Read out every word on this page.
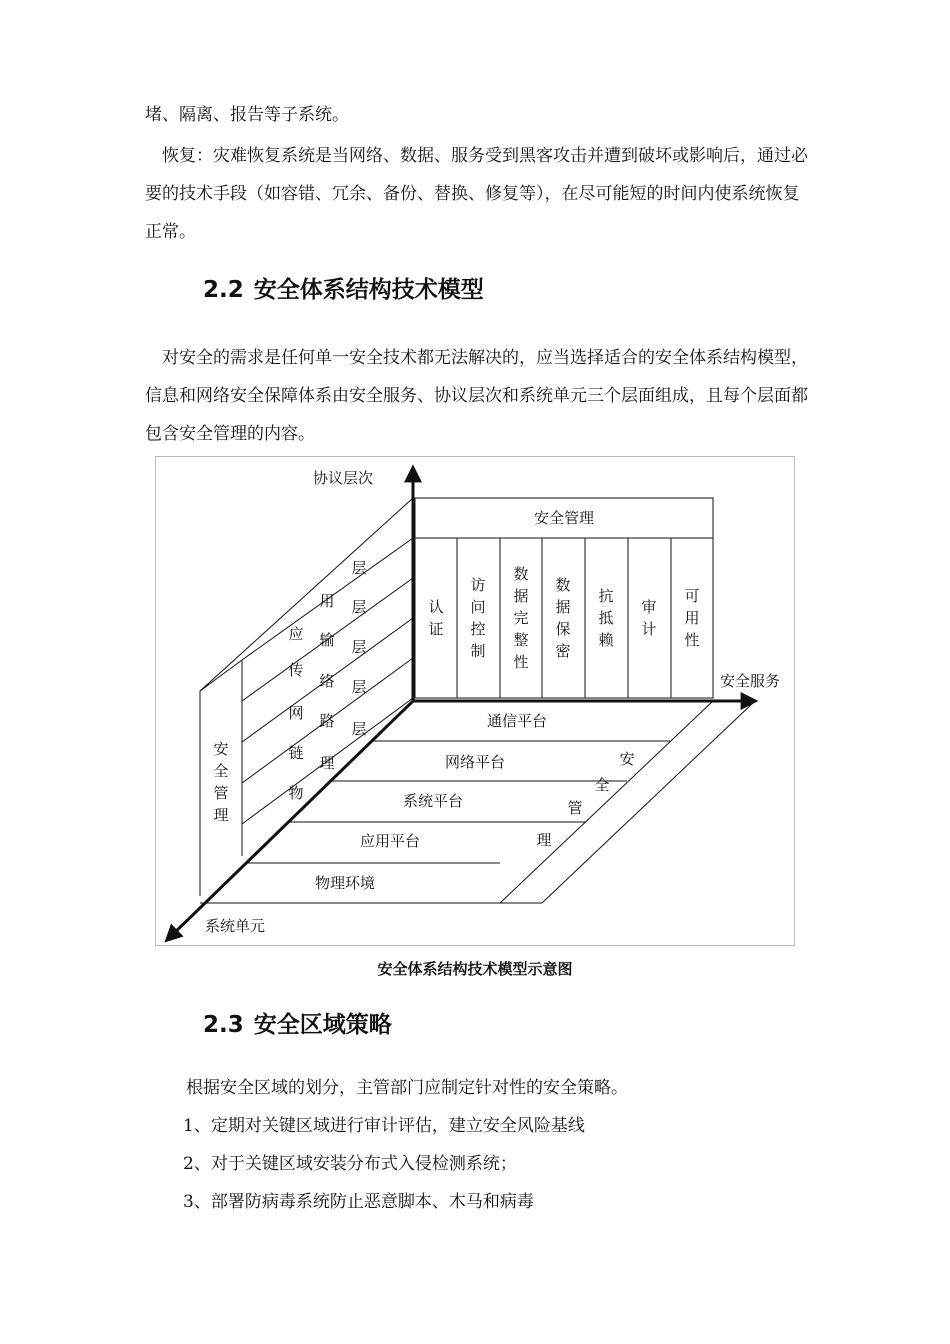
堵、隔离、报告等子系统。

恢复：灾难恢复系统是当网络、数据、服务受到黑客攻击并遭到破坏或影响后，通过必要的技术手段（如容错、冗余、备份、替换、修复等），在尽可能短的时间内使系统恢复正常。

2.2 安全体系结构技术模型

对安全的需求是任何单一安全技术都无法解决的，应当选择适合的安全体系结构模型，信息和网络安全保障体系由安全服务、协议层次和系统单元三个层面组成，且每个层面都包含安全管理的内容。

协议层次
安全服务
系统单元
安全管理
认证
访问控制
数据完整性
数据保密
抗抵赖
审计
可用性
应
用
层
传
输
层
网
络
层
链
路
层
物
理
层
安全管理
通信平台
网络平台
系统平台
应用平台
物理环境
安
全
管
理
安全体系结构技术模型示意图
2.3 安全区域策略

根据安全区域的划分，主管部门应制定针对性的安全策略。

1、定期对关键区域进行审计评估，建立安全风险基线

2、对于关键区域安装分布式入侵检测系统；

3、部署防病毒系统防止恶意脚本、木马和病毒
